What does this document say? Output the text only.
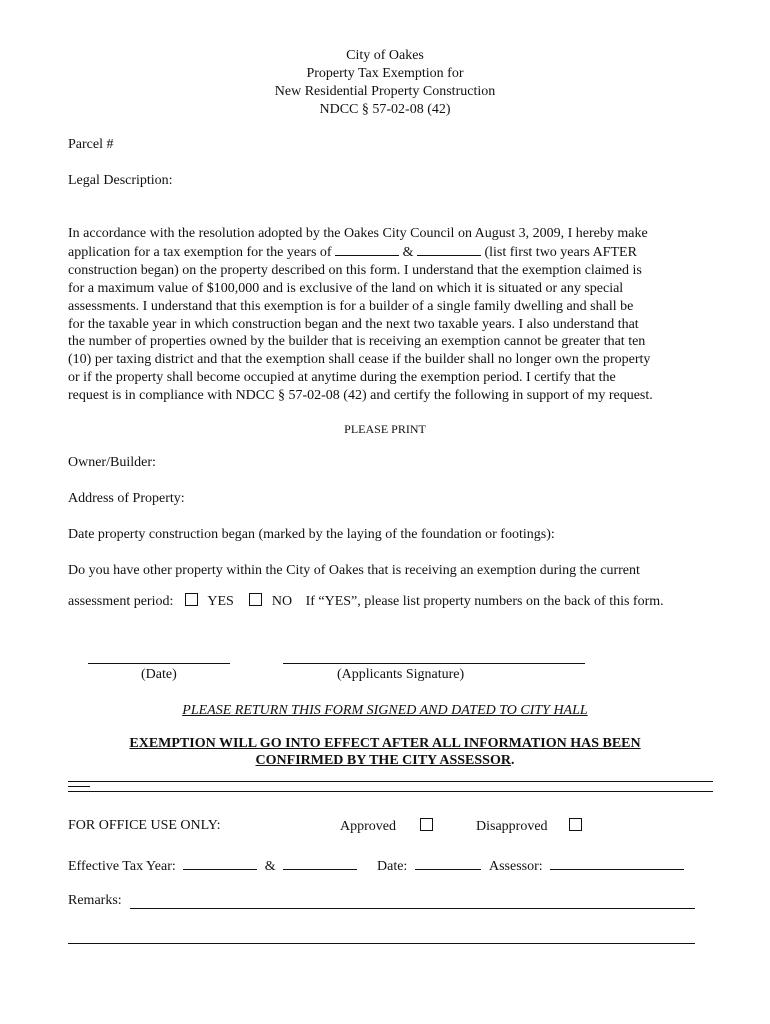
City of Oakes
Property Tax Exemption for
New Residential Property Construction
NDCC § 57-02-08 (42)
Parcel #
Legal Description:
In accordance with the resolution adopted by the Oakes City Council on August 3, 2009, I hereby make
application for a tax exemption for the years of	&	(list first two years AFTER
construction began) on the property described on this form. I understand that the exemption claimed is
for a maximum value of $100,000 and is exclusive of the land on which it is situated or any special
assessments. I understand that this exemption is for a builder of a single family dwelling and shall be
for the taxable year in which construction began and the next two taxable years. I also understand that
the number of properties owned by the builder that is receiving an exemption cannot be greater that ten
(10) per taxing district and that the exemption shall cease if the builder shall no longer own the property
or if the property shall become occupied at anytime during the exemption period. I certify that the
request is in compliance with NDCC § 57-02-08 (42) and certify the following in support of my request.
PLEASE PRINT
Owner/Builder:
Address of Property:
Date property construction began (marked by the laying of the foundation or footings):
Do you have other property within the City of Oakes that is receiving an exemption during the current
assessment period: YES	NO If “YES”, please list property numbers on the back of this form.
(Date)	(Applicants Signature)
PLEASE RETURN THIS FORM SIGNED AND DATED TO CITY HALL
EXEMPTION WILL GO INTO EFFECT AFTER ALL INFORMATION HAS BEEN
CONFIRMED BY THE CITY ASSESSOR.
FOR OFFICE USE ONLY:	Approved	Disapproved
Effective Tax Year:	&	Date:	Assessor:
Remarks:
